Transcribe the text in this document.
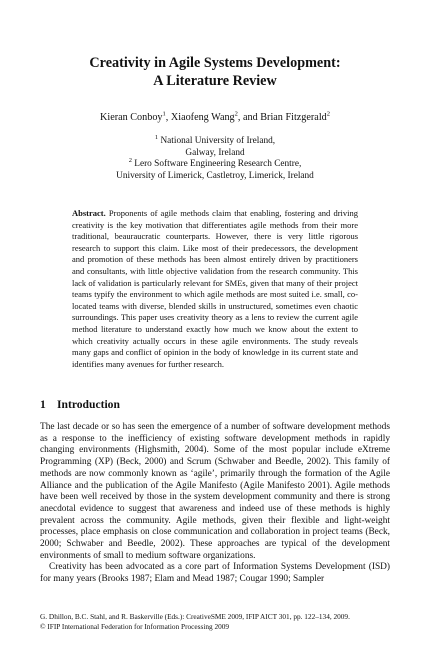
Creativity in Agile Systems Development:
A Literature Review
Kieran Conboy$^1$, Xiaofeng Wang$^2$, and Brian Fitzgerald$^2$
$^1$ National University of Ireland,
Galway, Ireland
$^2$ Lero Software Engineering Research Centre,
University of Limerick, Castletroy, Limerick, Ireland
Abstract. Proponents of agile methods claim that enabling, fostering and driving creativity is the key motivation that differentiates agile methods from their more traditional, beauraucratic counterparts. However, there is very little rigorous research to support this claim. Like most of their predecessors, the development and promotion of these methods has been almost entirely driven by practitioners and consultants, with little objective validation from the research community. This lack of validation is particularly relevant for SMEs, given that many of their project teams typify the environment to which agile methods are most suited i.e. small, co-located teams with diverse, blended skills in unstructured, sometimes even chaotic surroundings. This paper uses creativity theory as a lens to review the current agile method literature to understand exactly how much we know about the extent to which creativity actually occurs in these agile environments. The study reveals many gaps and conflict of opinion in the body of knowledge in its current state and identifies many avenues for further research.
1 Introduction

The last decade or so has seen the emergence of a number of software development methods as a response to the inefficiency of existing software development methods in rapidly changing environments (Highsmith, 2004). Some of the most popular include eXtreme Programming (XP) (Beck, 2000) and Scrum (Schwaber and Beedle, 2002). This family of methods are now commonly known as ‘agile’, primarily through the formation of the Agile Alliance and the publication of the Agile Manifesto (Agile Manifesto 2001). Agile methods have been well received by those in the system development community and there is strong anecdotal evidence to suggest that awareness and indeed use of these methods is highly prevalent across the community. Agile methods, given their flexible and light-weight processes, place emphasis on close communication and collaboration in project teams (Beck, 2000; Schwaber and Beedle, 2002). These approaches are typical of the development environments of small to medium software organizations.

Creativity has been advocated as a core part of Information Systems Development (ISD) for many years (Brooks 1987; Elam and Mead 1987; Cougar 1990; Sampler

G. Dhillon, B.C. Stahl, and R. Baskerville (Eds.): CreativeSME 2009, IFIP AICT 301, pp. 122–134, 2009.
© IFIP International Federation for Information Processing 2009
